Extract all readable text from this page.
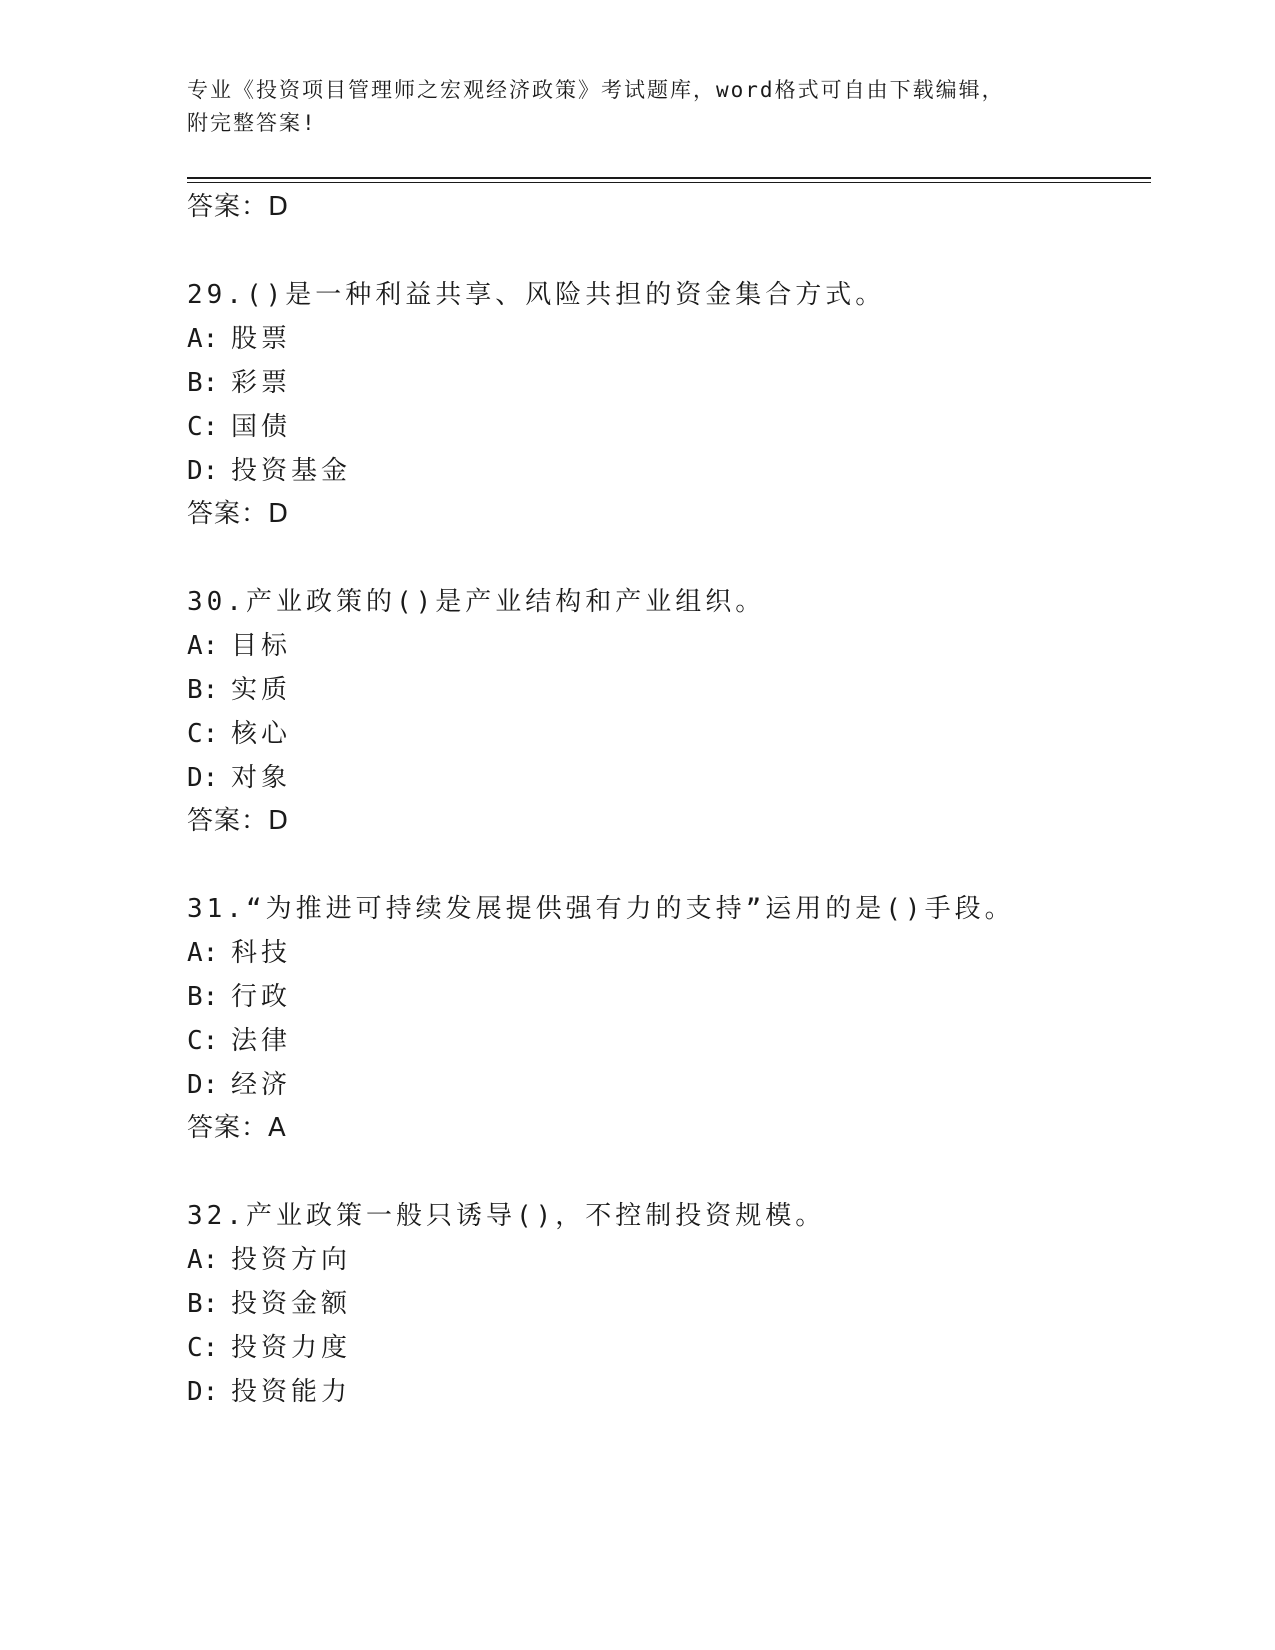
专业《投资项目管理师之宏观经济政策》考试题库，word格式可自由下载编辑，
附完整答案!
答案：D
29.()是一种利益共享、风险共担的资金集合方式。
A: 股票
B: 彩票
C: 国债
D: 投资基金
答案：D
30.产业政策的()是产业结构和产业组织。
A: 目标
B: 实质
C: 核心
D: 对象
答案：D
31.“为推进可持续发展提供强有力的支持”运用的是()手段。
A: 科技
B: 行政
C: 法律
D: 经济
答案：A
32.产业政策一般只诱导()，不控制投资规模。
A: 投资方向
B: 投资金额
C: 投资力度
D: 投资能力
